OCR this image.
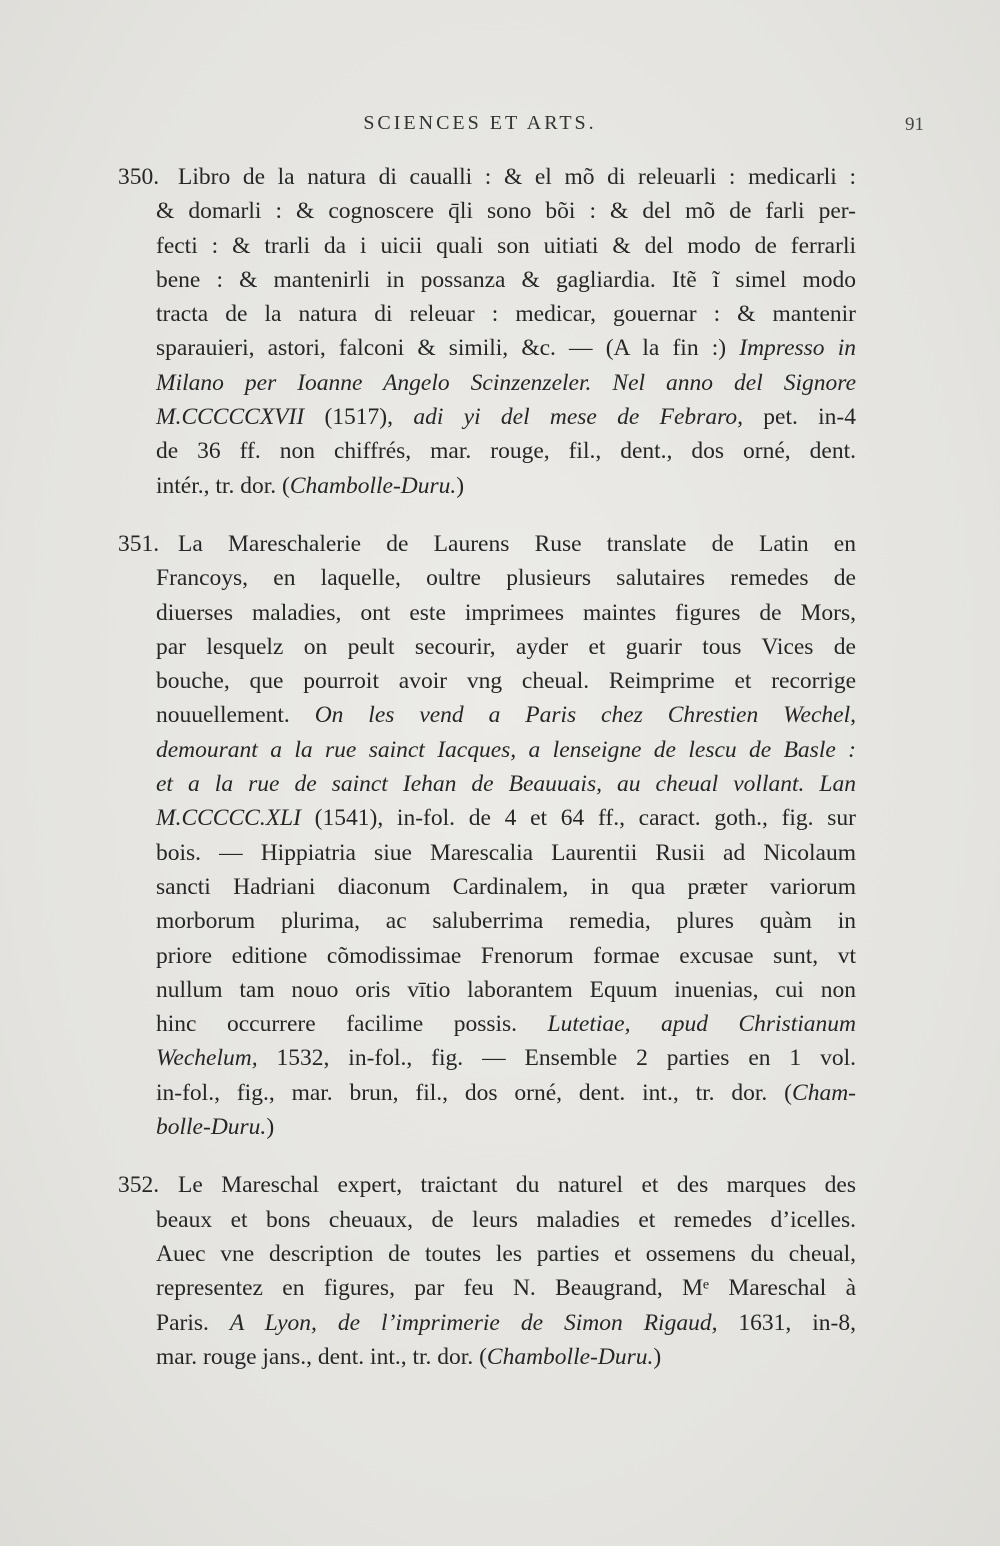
SCIENCES ET ARTS.	91
350. Libro de la natura di caualli : & el mõ di releuarli : medicarli :
& domarli : & cognoscere q̄li sono bõi : & del mõ de farli per-
fecti : & trarli da i uicii quali son uitiati & del modo de ferrarli
bene : & mantenirli in possanza & gagliardia. Itẽ ĩ simel modo
tracta de la natura di releuar : medicar, gouernar : & mantenir
sparauieri, astori, falconi & simili, &c. — (A la fin :) Impresso in
Milano per Ioanne Angelo Scinzenzeler. Nel anno del Signore
M.CCCCCXVII (1517), adi yi del mese de Febraro, pet. in-4
de 36 ff. non chiffrés, mar. rouge, fil., dent., dos orné, dent.
intér., tr. dor. (Chambolle-Duru.)
351. La Mareschalerie de Laurens Ruse translate de Latin en
Francoys, en laquelle, oultre plusieurs salutaires remedes de
diuerses maladies, ont este imprimees maintes figures de Mors,
par lesquelz on peult secourir, ayder et guarir tous Vices de
bouche, que pourroit avoir vng cheual. Reimprime et recorrige
nouuellement. On les vend a Paris chez Chrestien Wechel,
demourant a la rue sainct Iacques, a lenseigne de lescu de Basle :
et a la rue de sainct Iehan de Beauuais, au cheual vollant. Lan
M.CCCCC.XLI (1541), in-fol. de 4 et 64 ff., caract. goth., fig. sur
bois. — Hippiatria siue Marescalia Laurentii Rusii ad Nicolaum
sancti Hadriani diaconum Cardinalem, in qua præter variorum
morborum plurima, ac saluberrima remedia, plures quàm in
priore editione cõmodissimae Frenorum formae excusae sunt, vt
nullum tam nouo oris vītio laborantem Equum inuenias, cui non
hinc occurrere facilime possis. Lutetiae, apud Christianum
Wechelum, 1532, in-fol., fig. — Ensemble 2 parties en 1 vol.
in-fol., fig., mar. brun, fil., dos orné, dent. int., tr. dor. (Cham-
bolle-Duru.)
352. Le Mareschal expert, traictant du naturel et des marques des
beaux et bons cheuaux, de leurs maladies et remedes d’icelles.
Auec vne description de toutes les parties et ossemens du cheual,
representez en figures, par feu N. Beaugrand, Mᵉ Mareschal à
Paris. A Lyon, de l’imprimerie de Simon Rigaud, 1631, in-8,
mar. rouge jans., dent. int., tr. dor. (Chambolle-Duru.)
